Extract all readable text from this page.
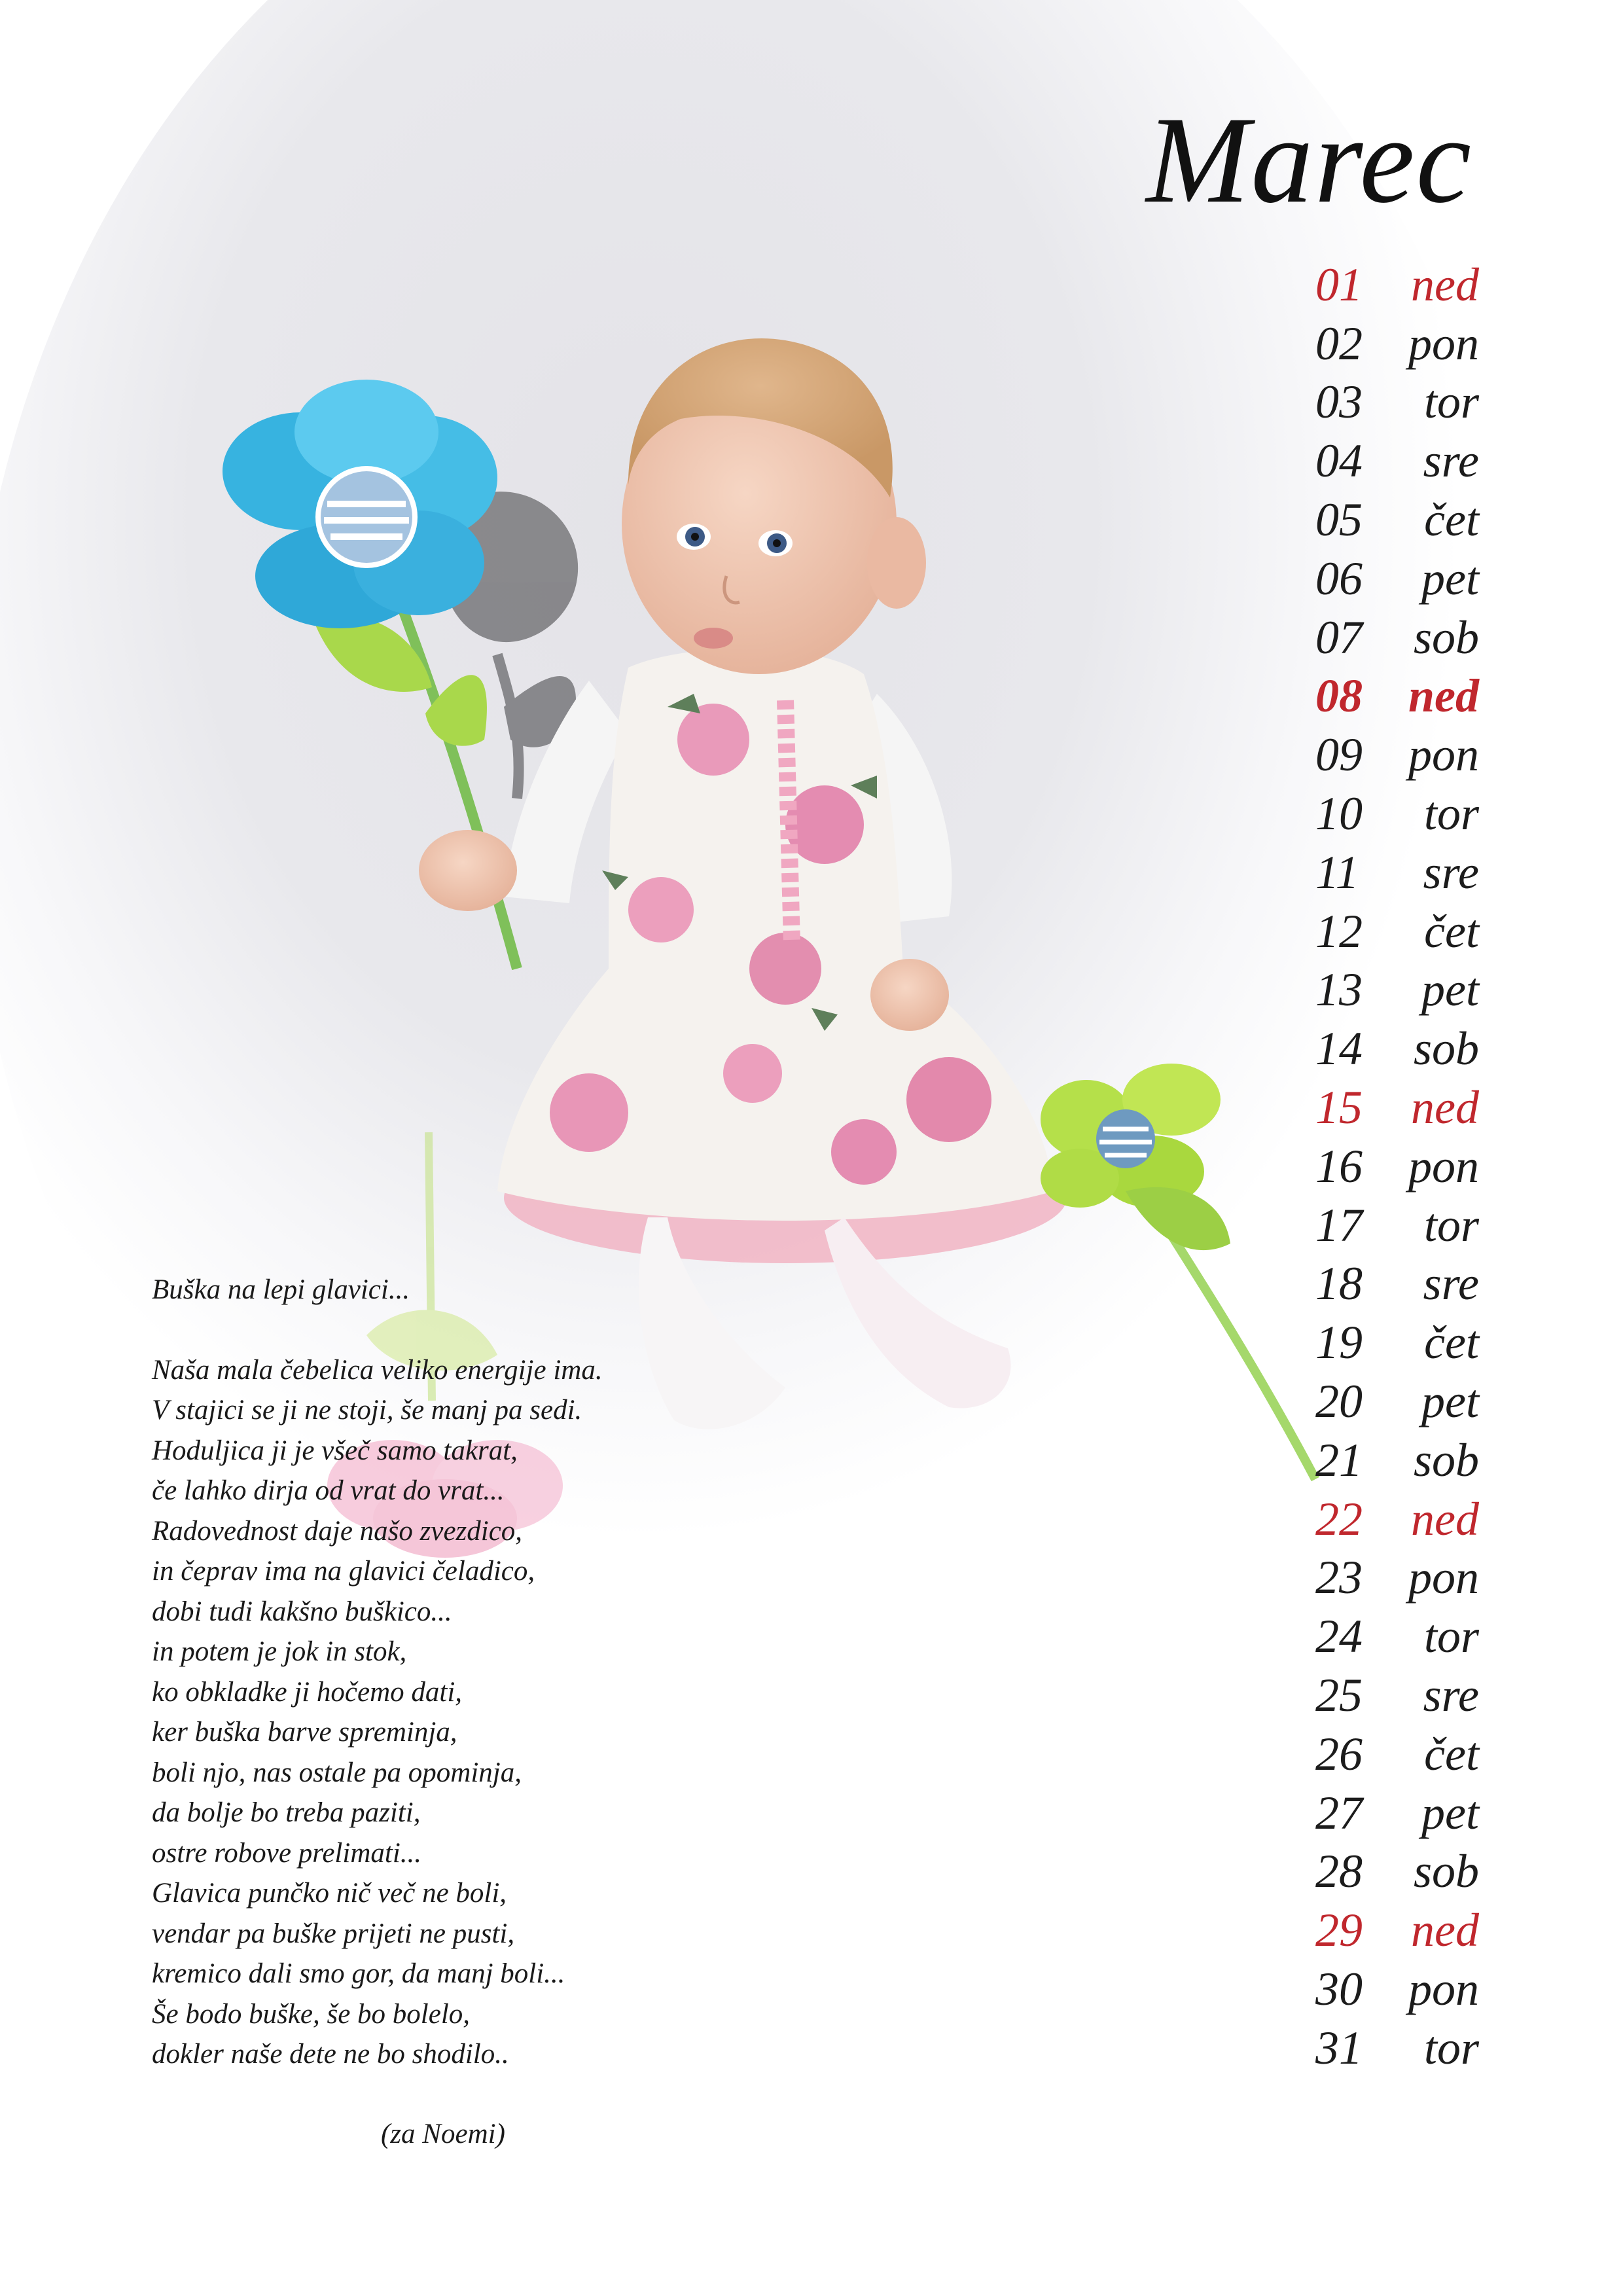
Marec
01 ned
02 pon
03 tor
04 sre
05 čet
06 pet
07 sob
08 ned
09 pon
10 tor
11	sre
12 čet
13 pet
14 sob
15 ned
16 pon
17 tor
18 sre
19 čet
20 pet
21 sob
22 ned
23 pon
24 tor
25 sre
26 čet
27 pet
28 sob
29 ned
30 pon
31 tor
Buška na lepi glavici...
Naša mala čebelica veliko energije ima.
V stajici se ji ne stoji, še manj pa sedi.
Hoduljica ji je všeč samo takrat,
če lahko dirja od vrat do vrat...
Radovednost daje našo zvezdico,
in čeprav ima na glavici čeladico,
dobi tudi kakšno buškico...
in potem je jok in stok,
ko obkladke ji hočemo dati,
ker buška barve spreminja,
boli njo, nas ostale pa opominja,
da bolje bo treba paziti,
ostre robove prelimati...
Glavica punčko nič več ne boli,
vendar pa buške prijeti ne pusti,
kremico dali smo gor, da manj boli...
Še bodo buške, še bo bolelo,
dokler naše dete ne bo shodilo..
(za Noemi)
